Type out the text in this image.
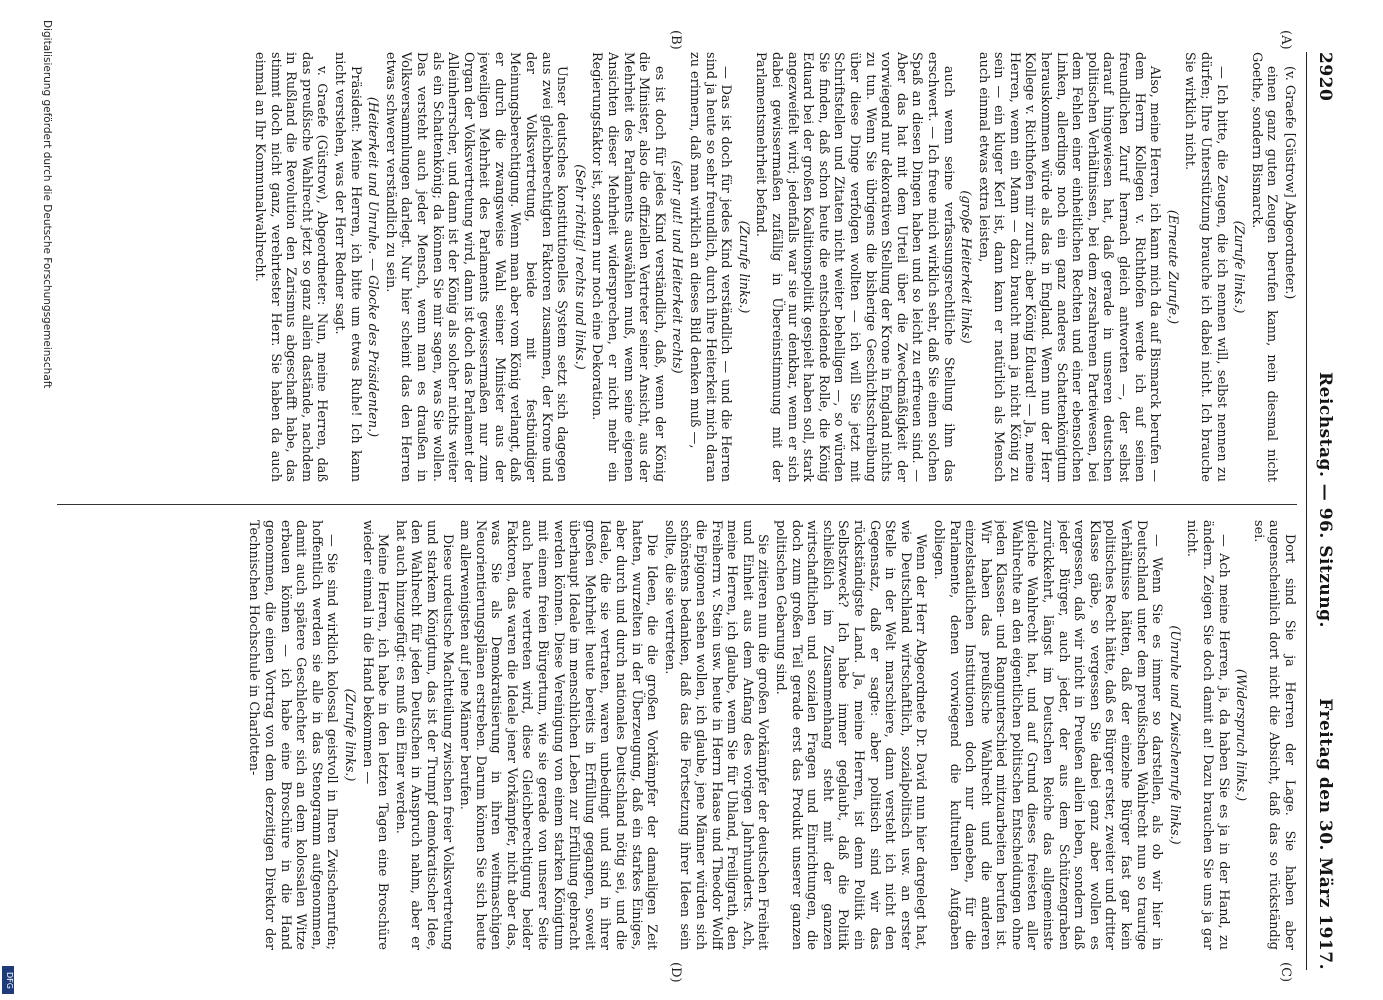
2920
Reichstag. — 96. Sitzung.
Freitag den 30. März 1917.
(A)
(B)
(C)
(D)

(v. Graefe [Güstrow] Abgeordneter.)

einen ganz guten Zeugen berufen kann, nein diesmal nicht Goethe, sondern Bismarck.

(Zurufe links.)

— Ich bitte, die Zeugen, die ich nennen will, selbst nennen zu dürfen; Ihre Unterstützung brauche ich dabei nicht. Ich brauche Sie wirklich nicht.

(Erneute Zurufe.)

Also, meine Herren, ich kann mich da auf Bismarck berufen — dem Herrn Kollegen v. Richthofen werde ich auf seinen freundlichen Zuruf hernach gleich antworten —, der selbst darauf hingewiesen hat, daß gerade in unseren deutschen politischen Verhältnissen, bei dem zersahrenen Parteiwesen, bei dem Fehlen einer einheitlichen Rechten und einer ebensolchen Linken, allerdings noch ein ganz anderes Schattenkönigtum herauskommen würde als das in England. Wenn nun der Herr Kollege v. Richthofen mir zuruft: aber König Eduard! — Ja, meine Herren, wenn ein Mann — dazu braucht man ja nicht König zu sein — ein kluger Kerl ist, dann kann er natürlich als Mensch auch einmal etwas extra leisten,

(große Heiterkeit links)

auch wenn seine verfassungsrechtliche Stellung ihm das erschwert. — Ich freue mich wirklich sehr, daß Sie einen solchen Spaß an diesen Dingen haben und so leicht zu erfreuen sind. — Aber das hat mit dem Urteil über die Zweckmäßigkeit der vorwiegend nur dekorativen Stellung der Krone in England nichts zu tun. Wenn Sie übrigens die bisherige Geschichtsschreibung über diese Dinge verfolgen wollten — ich will Sie jetzt mit Schriftstellen und Zitaten nicht weiter behelligen —, so würden Sie finden, daß schon heute die entscheidende Rolle, die König Eduard bei der großen Koalitionspolitik gespielt haben soll, stark angezweifelt wird; jedenfalls war sie nur denkbar, wenn er sich dabei gewissermaßen zufällig in Übereinstimmung mit der Parlamentsmehrheit befand.

(Zurufe links.)

— Das ist doch für jedes Kind verständlich — und die Herren sind ja heute so sehr freundlich, durch ihre Heiterkeit mich daran zu erinnern, daß man wirklich an dieses Bild denken muß —,

(sehr gut! und Heiterkeit rechts)

es ist doch für jedes Kind verständlich, daß, wenn der König die Minister, also die offiziellen Vertreter seiner Ansicht, aus der Mehrheit des Parlaments auswählen muß, wenn seine eigenen Ansichten dieser Mehrheit widersprechen, er nicht mehr ein Regierungsfaktor ist, sondern nur noch eine Dekoration.

(Sehr richtig! rechts und links.)

Unser deutsches konstitutionelles System setzt sich dagegen aus zwei gleichberechtigten Faktoren zusammen, der Krone und der Volksvertretung, beide mit festbündiger Meinungsberechtigung. Wenn man aber vom König verlangt, daß er durch die zwangsweise Wahl seiner Minister aus der jeweiligen Mehrheit des Parlaments gewissermaßen nur zum Organ der Volksvertretung wird, dann ist doch das Parlament der Alleinherrscher, und dann ist der König als solcher nichts weiter als ein Schattenkönig; da können Sie mir sagen, was Sie wollen. Das versteht auch jeder Mensch, wenn man es draußen in Volksversammlungen darlegt. Nur hier scheint das den Herren etwas schwerer verständlich zu sein.

(Heiterkeit und Unruhe. — Glocke des Präsidenten.)

Präsident: Meine Herren, ich bitte um etwas Ruhe! Ich kann nicht verstehen, was der Herr Redner sagt.

v. Graefe (Güstrow), Abgeordneter: Nun, meine Herren, daß das preußische Wahlrecht jetzt so ganz allein dastände, nachdem in Rußland die Revolution den Zarismus abgeschafft habe, das stimmt doch nicht ganz, verehrtester Herr. Sie haben da auch einmal an Ihr Kommunalwahlrecht.

Dort sind Sie ja Herren der Lage. Sie haben aber augenscheinlich dort nicht die Absicht, daß das so rückständig sei.

(Widerspruch links.)

— Ach meine Herren, ja, da haben Sie es ja in der Hand, zu ändern. Zeigen Sie doch damit an! Dazu brauchen Sie uns ja gar nicht.

(Unruhe und Zwischenrufe links.)

— Wenn Sie es immer so darstellen, als ob wir hier in Deutschland unter dem preußischen Wahlrecht nun so traurige Verhältnisse hätten, daß der einzelne Bürger fast gar kein politisches Recht hätte, daß es Bürger erster, zweiter und dritter Klasse gäbe, so vergessen Sie dabei ganz aber wollen es vergessen, daß wir nicht in Preußen allein leben, sondern daß jeder Bürger, auch jeder, der aus dem Schützengraben zurückkehrt, längst im Deutschen Reiche das allgemeinste gleiche Wahlrecht hat, und auf Grund dieses freiesten aller Wahlrechte an den eigentlichen politischen Entscheidungen ohne jeden Klassen- und Rangunterschied mitzuarbeiten berufen ist. Wir haben das preußische Wahlrecht und die anderen einzelstaatlichen Institutionen doch nur daneben, für die Parlamente, denen vorwiegend die kulturellen Aufgaben obliegen.

Wenn der Herr Abgeordnete Dr. David nun hier dargelegt hat, wie Deutschland wirtschaftlich, sozialpolitisch usw. an erster Stelle in der Welt marschiere, dann versteht ich nicht den Gegensatz, daß er sagte: aber politisch sind wir das rückständigste Land. Ja, meine Herren, ist denn Politik ein Selbstzweck? Ich habe immer geglaubt, daß die Politik schließlich im Zusammenhang steht mit der ganzen wirtschaftlichen und sozialen Fragen und Einrichtungen, die doch zum großen Teil gerade erst das Produkt unserer ganzen politischen Gebarung sind.

Sie zitieren nun die großen Vorkämpfer der deutschen Freiheit und Einheit aus dem Anfang des vorigen Jahrhunderts. Ach, meine Herren, ich glaube, wenn Sie für Uhland, Freiligrath, den Freiherrn v. Stein usw. heute in Herrn Haase und Theodor Wolff die Epigonen sehen wollen, ich glaube, jene Männer würden sich schönstens bedanken, daß das die Fortsetzung ihrer Ideen sein sollte, die sie vertreten.

Die Ideen, die die großen Vorkämpfer der damaligen Zeit hatten, wurzelten in der Überzeugung, daß ein starkes Einiges, aber durch und durch nationales Deutschland nötig sei, und die Ideale, die sie vertraten, waren unbedingt und sind in ihrer großen Mehrheit heute bereits in Erfüllung gegangen, soweit überhaupt Ideale im menschlichen Leben zur Erfüllung gebracht werden können. Diese Vereinigung von einem starken Königtum mit einem freien Bürgertum, wie sie gerade von unserer Seite auch heute vertreten wird, diese Gleichberechtigung beider Faktoren, das waren die Ideale jener Vorkämpfer, nicht aber das, was Sie als Demokratisierung in ihren weitmaschigen Neuorientierungsplänen erstreben. Darum können Sie sich heute am allerwenigsten auf jene Männer berufen.

Diese urdeutsche Machtteilung zwischen freier Volksvertretung und starkem Königtum, das ist der Trumpf demokratischer Idee, den Wahlrecht für jeden Deutschen in Anspruch nahm, aber er hat auch hinzugefügt: es muß ein Einer werden.

Meine Herren, ich habe in den letzten Tagen eine Broschüre wieder einmal in die Hand bekommen —

(Zurufe links.)

— Sie sind wirklich kolossal geistvoll in Ihren Zwischenrufen; hoffentlich werden sie alle in das Stenogramm aufgenommen, damit auch spätere Geschlechter sich an dem kolossalen Witze erbauen können — ich habe eine Broschüre in die Hand genommen, die einen Vortrag von dem derzeitigen Direktor der Technischen Hochschule in Charlotten-

Digitalisierung gefördert durch die Deutsche Forschungsgemeinschaft
DFG
